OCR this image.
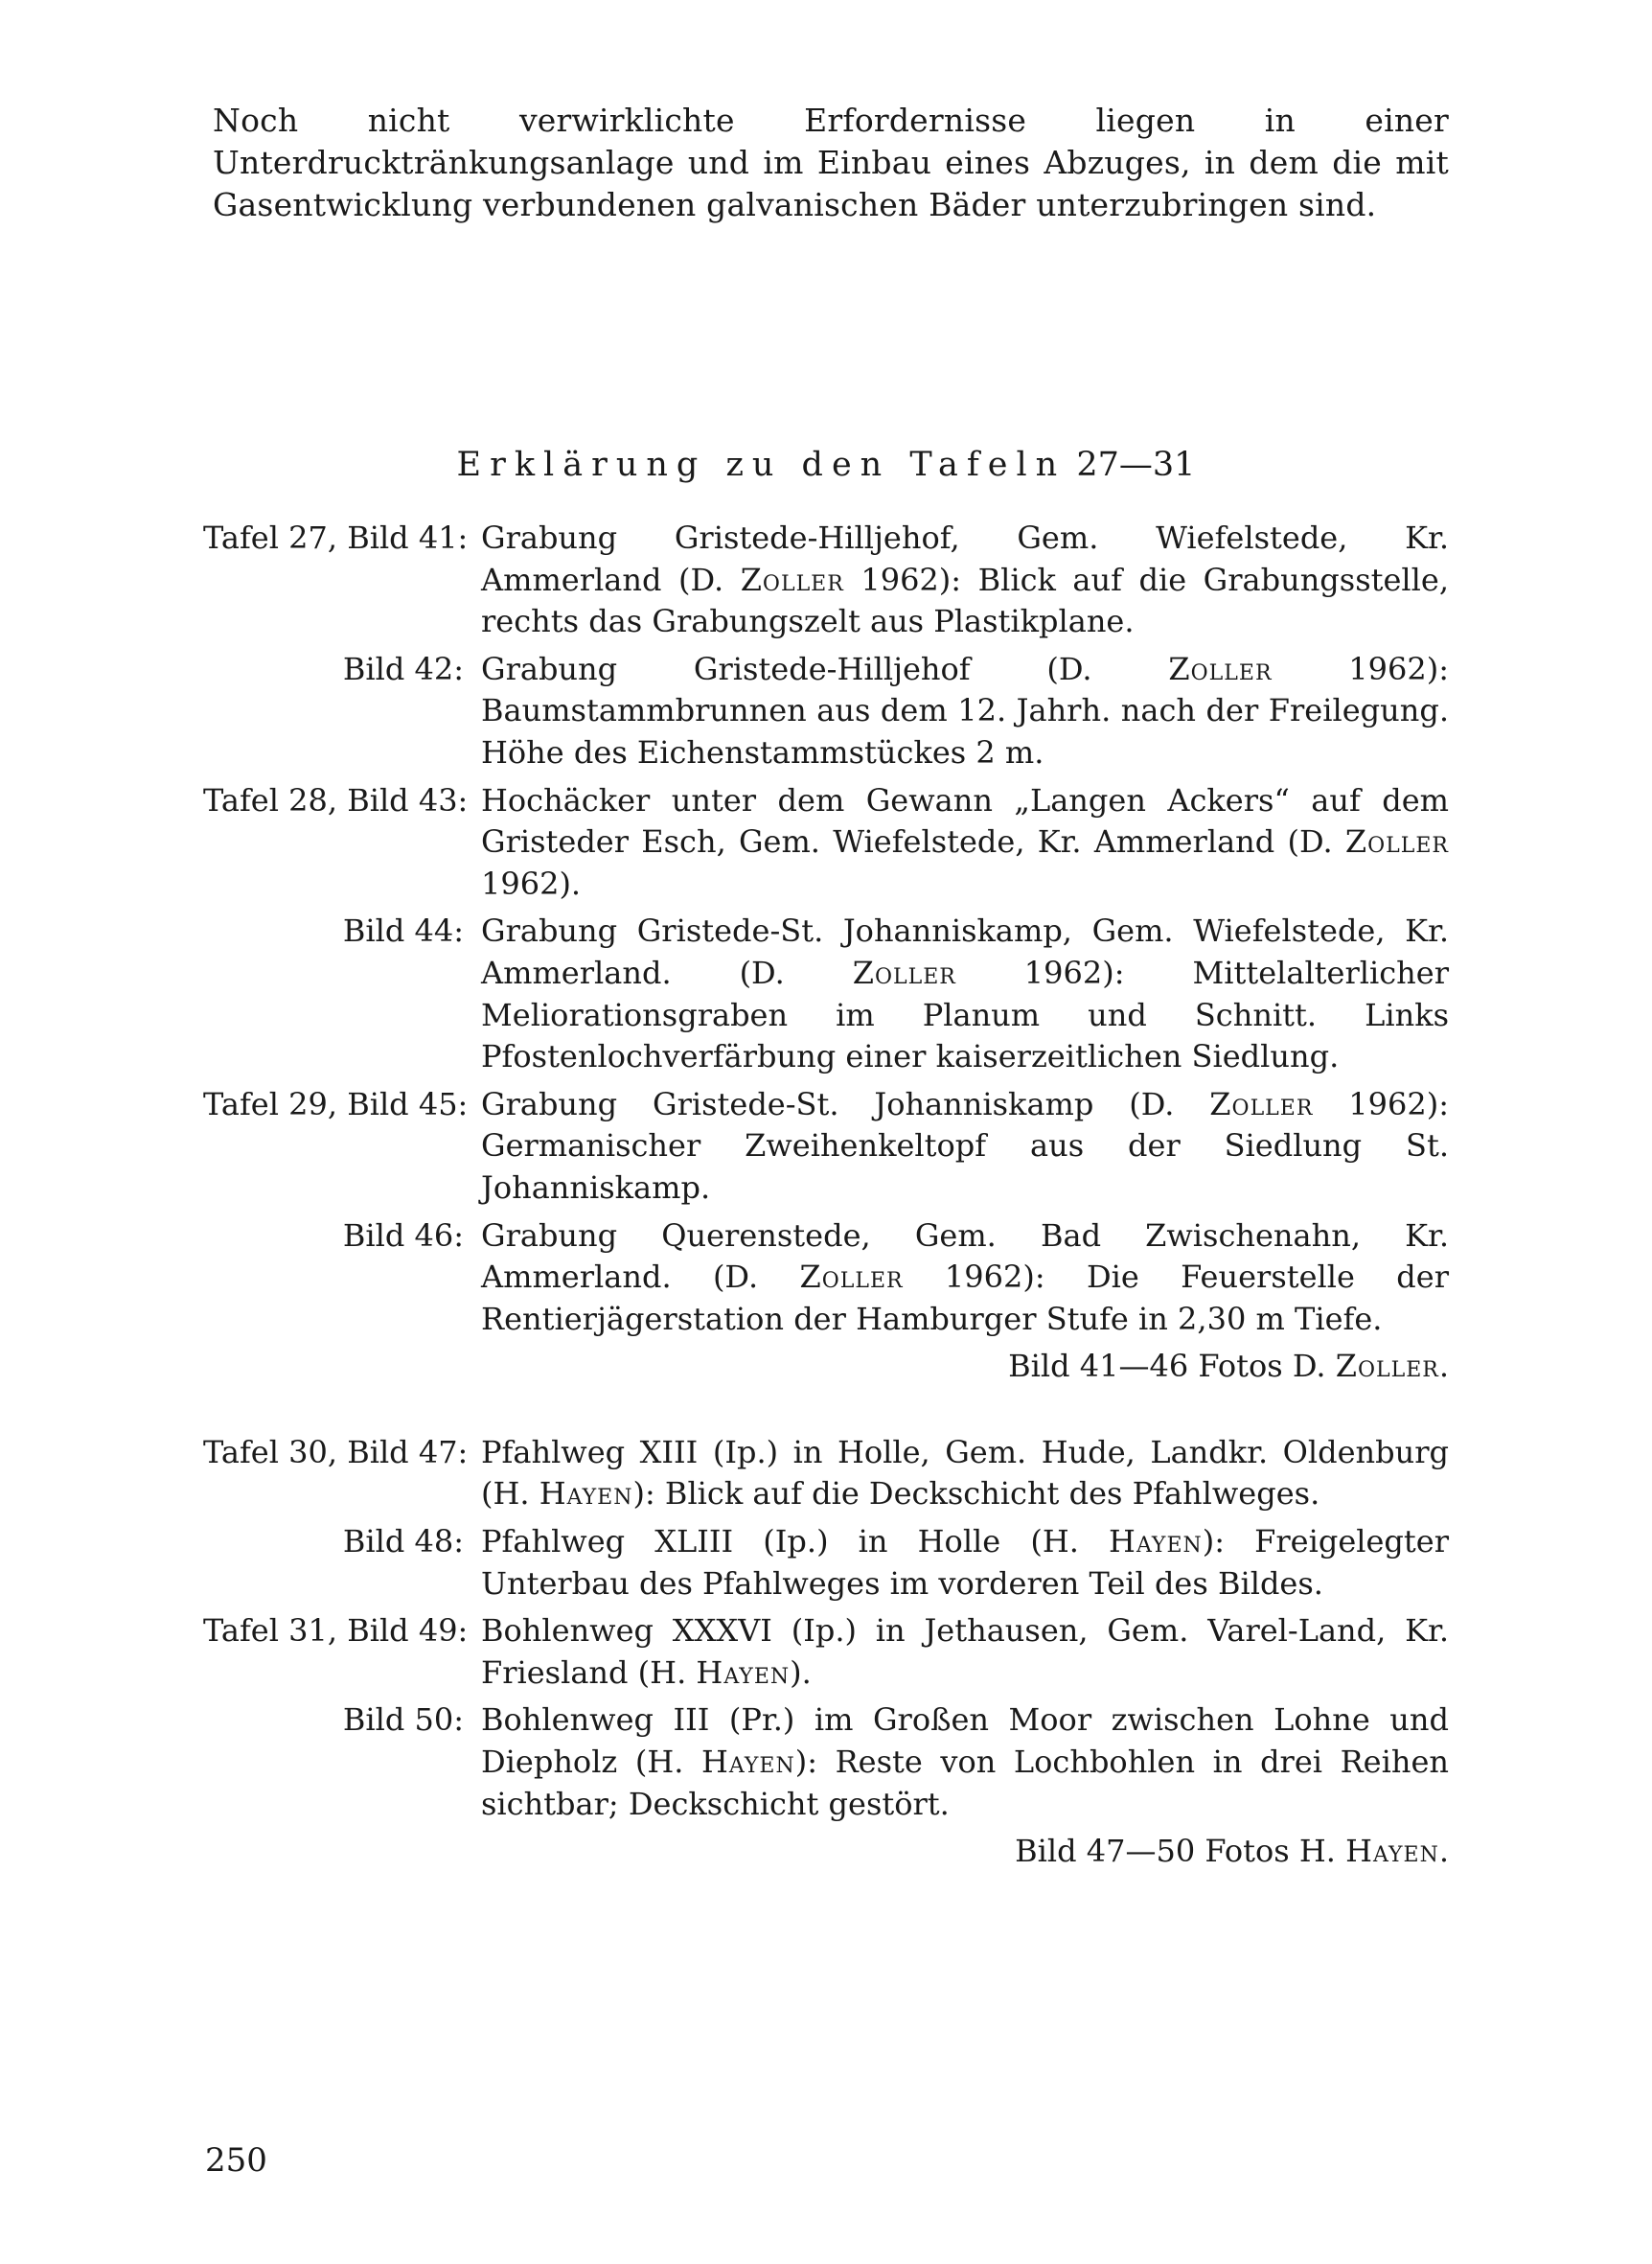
Noch nicht verwirklichte Erfordernisse liegen in einer Unterdrucktränkungsanlage und im Einbau eines Abzuges, in dem die mit Gasentwicklung verbundenen galvanischen Bäder unterzubringen sind.

Erklärung zu den Tafeln 27—31
Tafel 27, Bild 41: Grabung Gristede-Hilljehof, Gem. Wiefelstede, Kr. Ammerland (D. Zoller 1962): Blick auf die Grabungsstelle, rechts das Grabungszelt aus Plastikplane.
Bild 42: Grabung Gristede-Hilljehof (D. Zoller 1962): Baumstammbrunnen aus dem 12. Jahrh. nach der Freilegung. Höhe des Eichenstammstückes 2 m.
Tafel 28, Bild 43: Hochäcker unter dem Gewann „Langen Ackers“ auf dem Gristeder Esch, Gem. Wiefelstede, Kr. Ammerland (D. Zoller 1962).
Bild 44: Grabung Gristede-St. Johanniskamp, Gem. Wiefelstede, Kr. Ammerland. (D. Zoller 1962): Mittelalterlicher Meliorationsgraben im Planum und Schnitt. Links Pfostenlochverfärbung einer kaiserzeitlichen Siedlung.
Tafel 29, Bild 45: Grabung Gristede-St. Johanniskamp (D. Zoller 1962): Germanischer Zweihenkeltopf aus der Siedlung St. Johanniskamp.
Bild 46: Grabung Querenstede, Gem. Bad Zwischenahn, Kr. Ammerland. (D. Zoller 1962): Die Feuerstelle der Rentierjägerstation der Hamburger Stufe in 2,30 m Tiefe.
Bild 41—46 Fotos D. Zoller.
Tafel 30, Bild 47: Pfahlweg XIII (Ip.) in Holle, Gem. Hude, Landkr. Oldenburg (H. Hayen): Blick auf die Deckschicht des Pfahlweges.
Bild 48: Pfahlweg XLIII (Ip.) in Holle (H. Hayen): Freigelegter Unterbau des Pfahlweges im vorderen Teil des Bildes.
Tafel 31, Bild 49: Bohlenweg XXXVI (Ip.) in Jethausen, Gem. Varel-Land, Kr. Friesland (H. Hayen).
Bild 50: Bohlenweg III (Pr.) im Großen Moor zwischen Lohne und Diepholz (H. Hayen): Reste von Lochbohlen in drei Reihen sichtbar; Deckschicht gestört.
Bild 47—50 Fotos H. Hayen.
250
